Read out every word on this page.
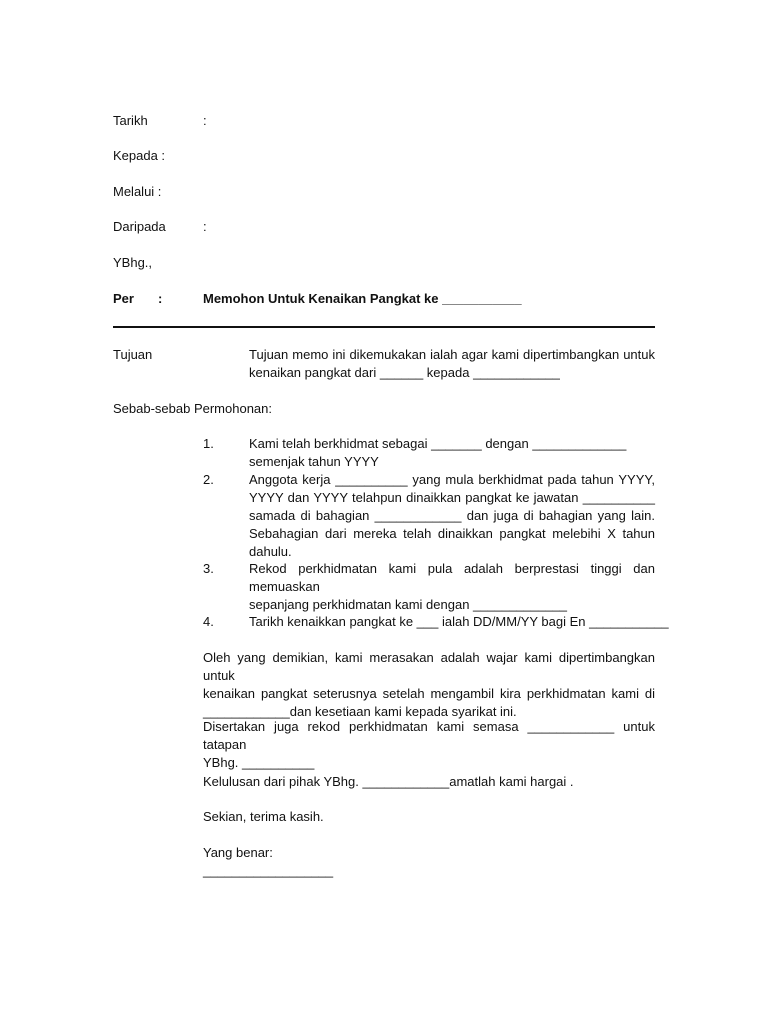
Tarikh	:
Kepada :
Melalui :
Daripada	:
YBhg.,
Per :	Memohon Untuk Kenaikan Pangkat ke ___________
Tujuan	Tujuan memo ini dikemukakan ialah agar kami dipertimbangkan untuk
kenaikan pangkat dari ______ kepada ____________
Sebab-sebab Permohonan:
1.	Kami telah berkhidmat sebagai _______ dengan _____________
semenjak tahun YYYY
2.	Anggota kerja __________ yang mula berkhidmat pada tahun YYYY,
YYYY dan YYYY telahpun dinaikkan pangkat ke jawatan __________
samada di bahagian ____________ dan juga di bahagian yang lain.
Sebahagian dari mereka telah dinaikkan pangkat melebihi X tahun
dahulu.
3.	Rekod perkhidmatan kami pula adalah berprestasi tinggi dan memuaskan
sepanjang perkhidmatan kami dengan _____________
4.	Tarikh kenaikkan pangkat ke ___ ialah DD/MM/YY bagi En ___________
Oleh yang demikian, kami merasakan adalah wajar kami dipertimbangkan untuk
kenaikan pangkat seterusnya setelah mengambil kira perkhidmatan kami di
____________dan kesetiaan kami kepada syarikat ini.
Disertakan juga rekod perkhidmatan kami semasa ____________ untuk tatapan
YBhg. __________
Kelulusan dari pihak YBhg. ____________amatlah kami hargai .
Sekian, terima kasih.
Yang benar:
__________________
